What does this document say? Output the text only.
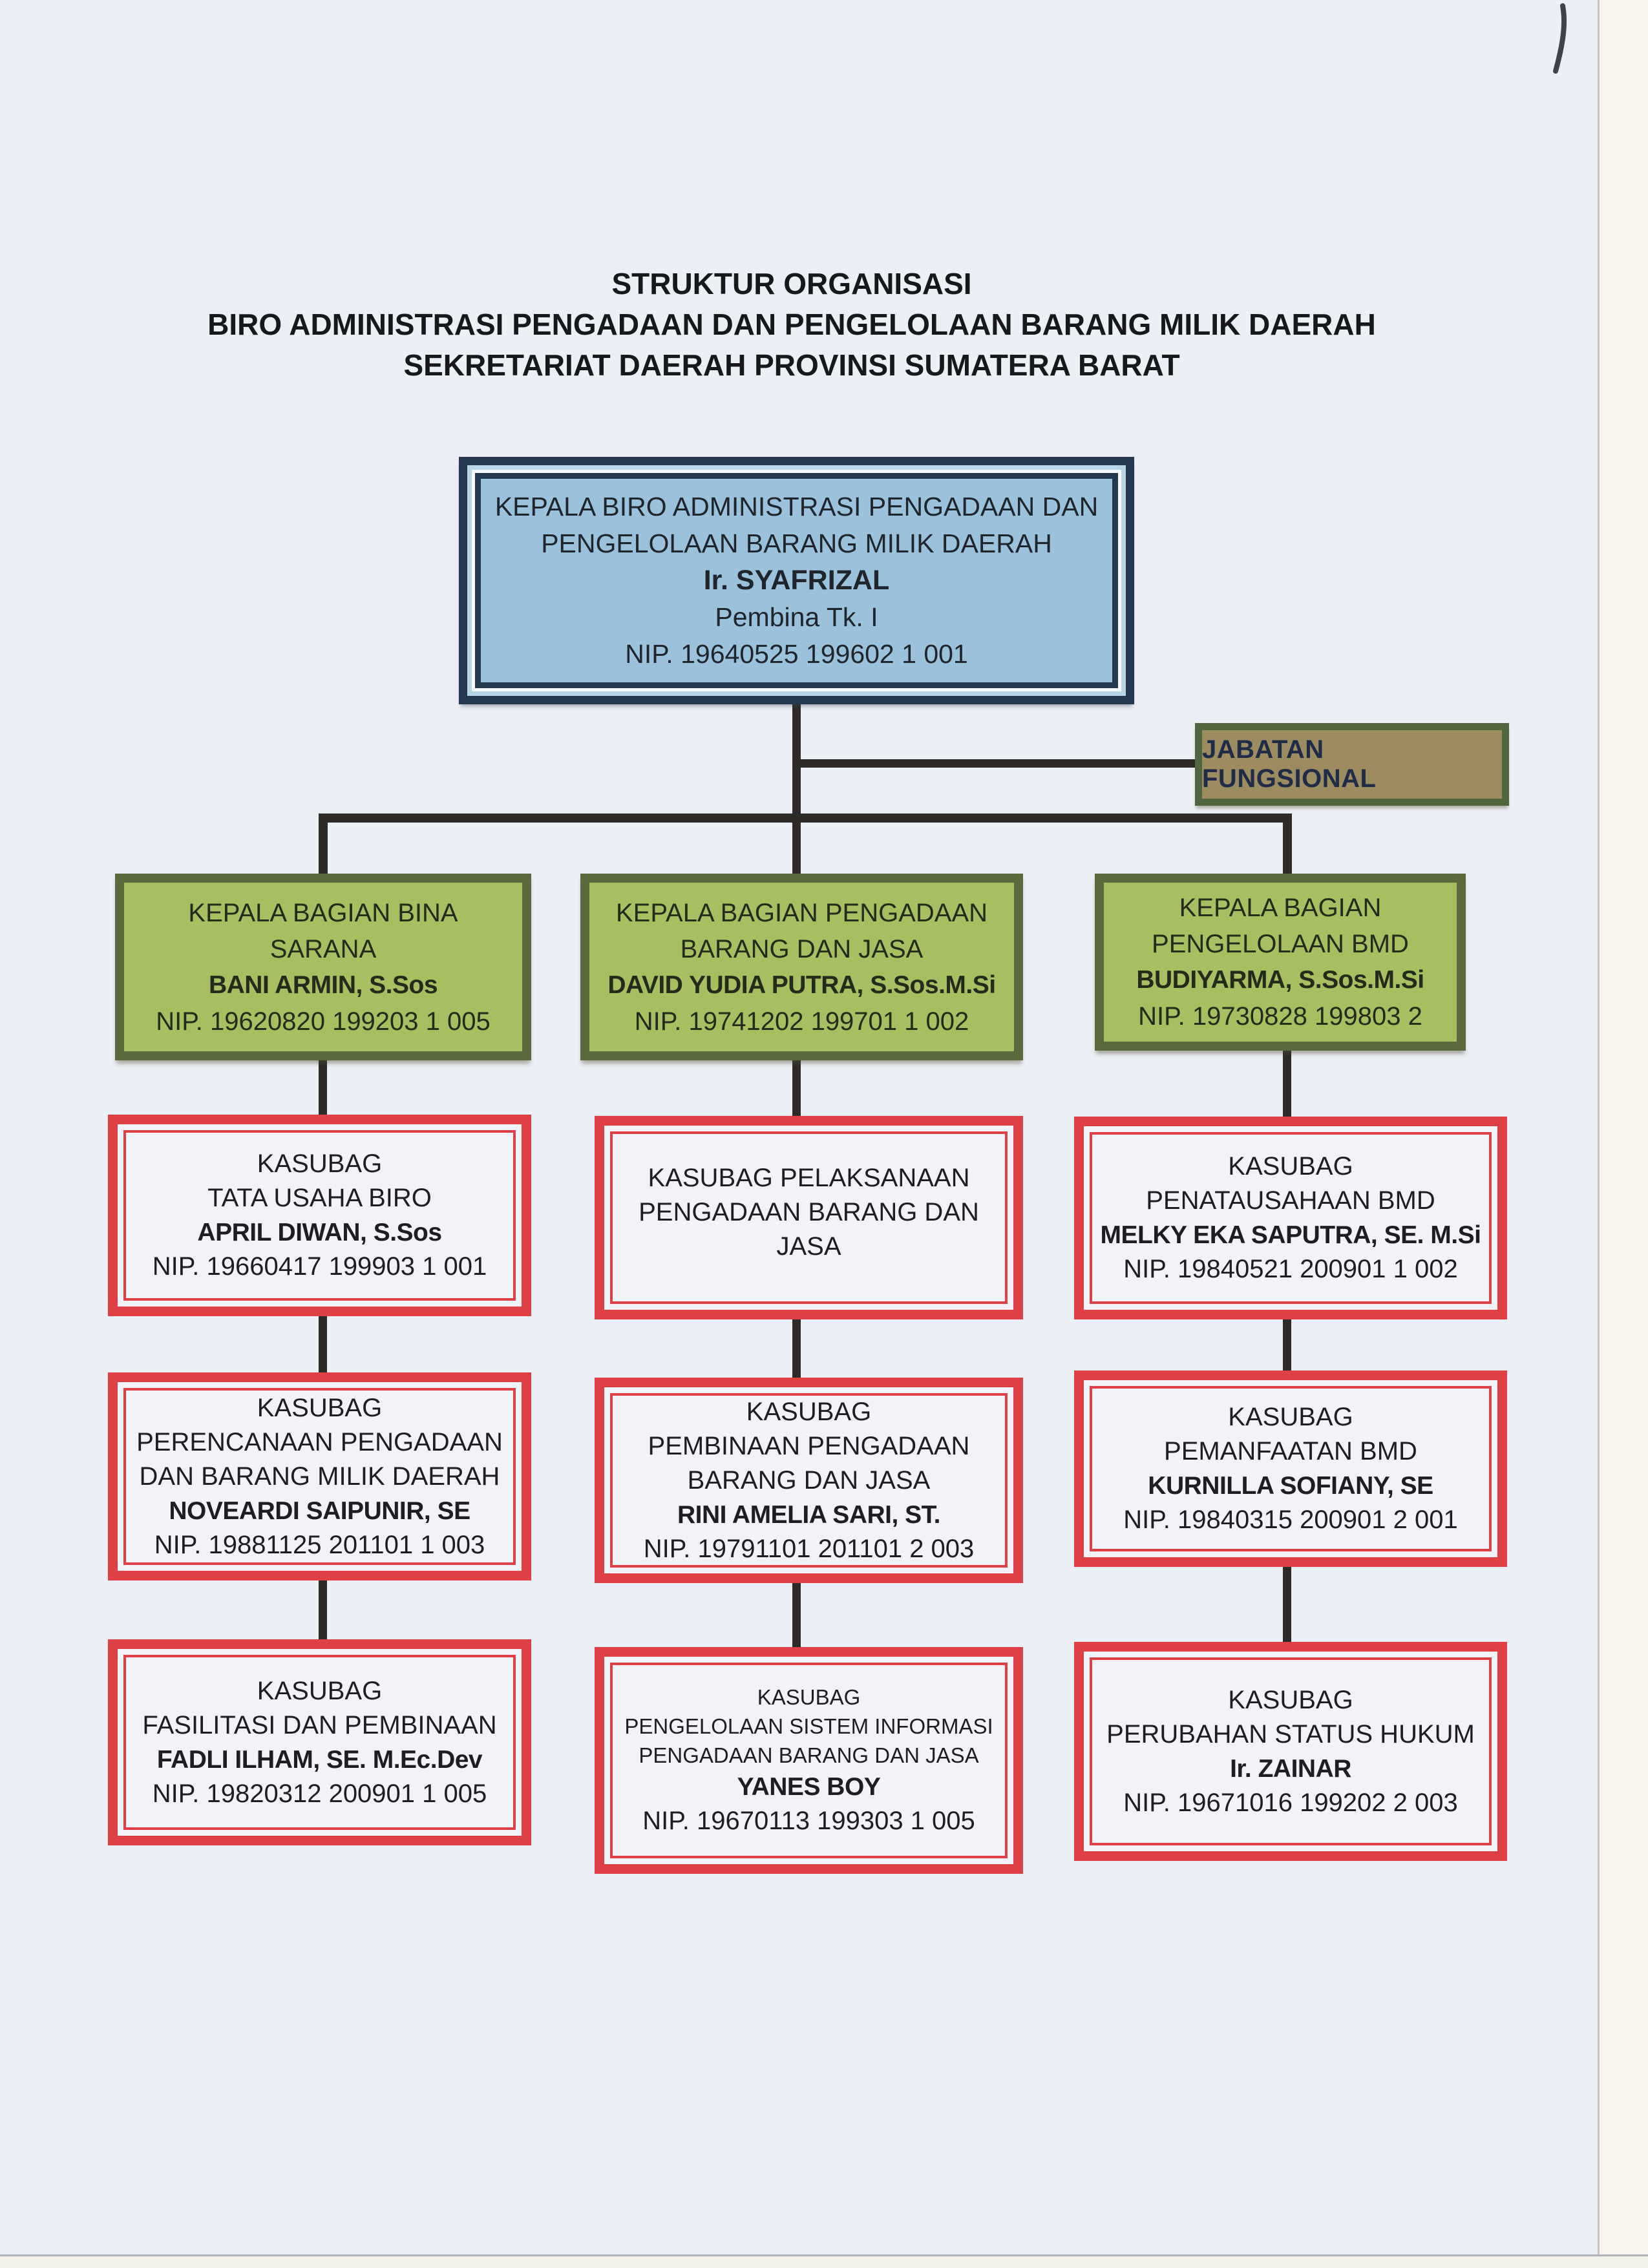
STRUKTUR ORGANISASI
BIRO ADMINISTRASI PENGADAAN DAN PENGELOLAAN BARANG MILIK DAERAH
SEKRETARIAT DAERAH PROVINSI SUMATERA BARAT
KEPALA BIRO ADMINISTRASI PENGADAAN DAN
PENGELOLAAN BARANG MILIK DAERAH
Ir. SYAFRIZAL
Pembina Tk. I
NIP. 19640525 199602 1 001
JABATAN FUNGSIONAL
KEPALA BAGIAN BINA
SARANA
BANI ARMIN, S.Sos
NIP. 19620820 199203 1 005
KEPALA BAGIAN PENGADAAN
BARANG DAN JASA
DAVID YUDIA PUTRA, S.Sos.M.Si
NIP. 19741202 199701 1 002
KEPALA BAGIAN
PENGELOLAAN BMD
BUDIYARMA, S.Sos.M.Si
NIP. 19730828 199803 2
KASUBAG
TATA USAHA BIRO
APRIL DIWAN, S.Sos
NIP. 19660417 199903 1 001
KASUBAG PELAKSANAAN
PENGADAAN BARANG DAN JASA
KASUBAG
PENATAUSAHAAN BMD
MELKY EKA SAPUTRA, SE. M.Si
NIP. 19840521 200901 1 002
KASUBAG
PERENCANAAN PENGADAAN
DAN BARANG MILIK DAERAH
NOVEARDI SAIPUNIR, SE
NIP. 19881125 201101 1 003
KASUBAG
PEMBINAAN PENGADAAN
BARANG DAN JASA
RINI AMELIA SARI, ST.
NIP. 19791101 201101 2 003
KASUBAG
PEMANFAATAN BMD
KURNILLA SOFIANY, SE
NIP. 19840315 200901 2 001
KASUBAG
FASILITASI DAN PEMBINAAN
FADLI ILHAM, SE. M.Ec.Dev
NIP. 19820312 200901 1 005
KASUBAG
PENGELOLAAN SISTEM INFORMASI
PENGADAAN BARANG DAN JASA
YANES BOY
NIP. 19670113 199303 1 005
KASUBAG
PERUBAHAN STATUS HUKUM
Ir. ZAINAR
NIP. 19671016 199202 2 003
